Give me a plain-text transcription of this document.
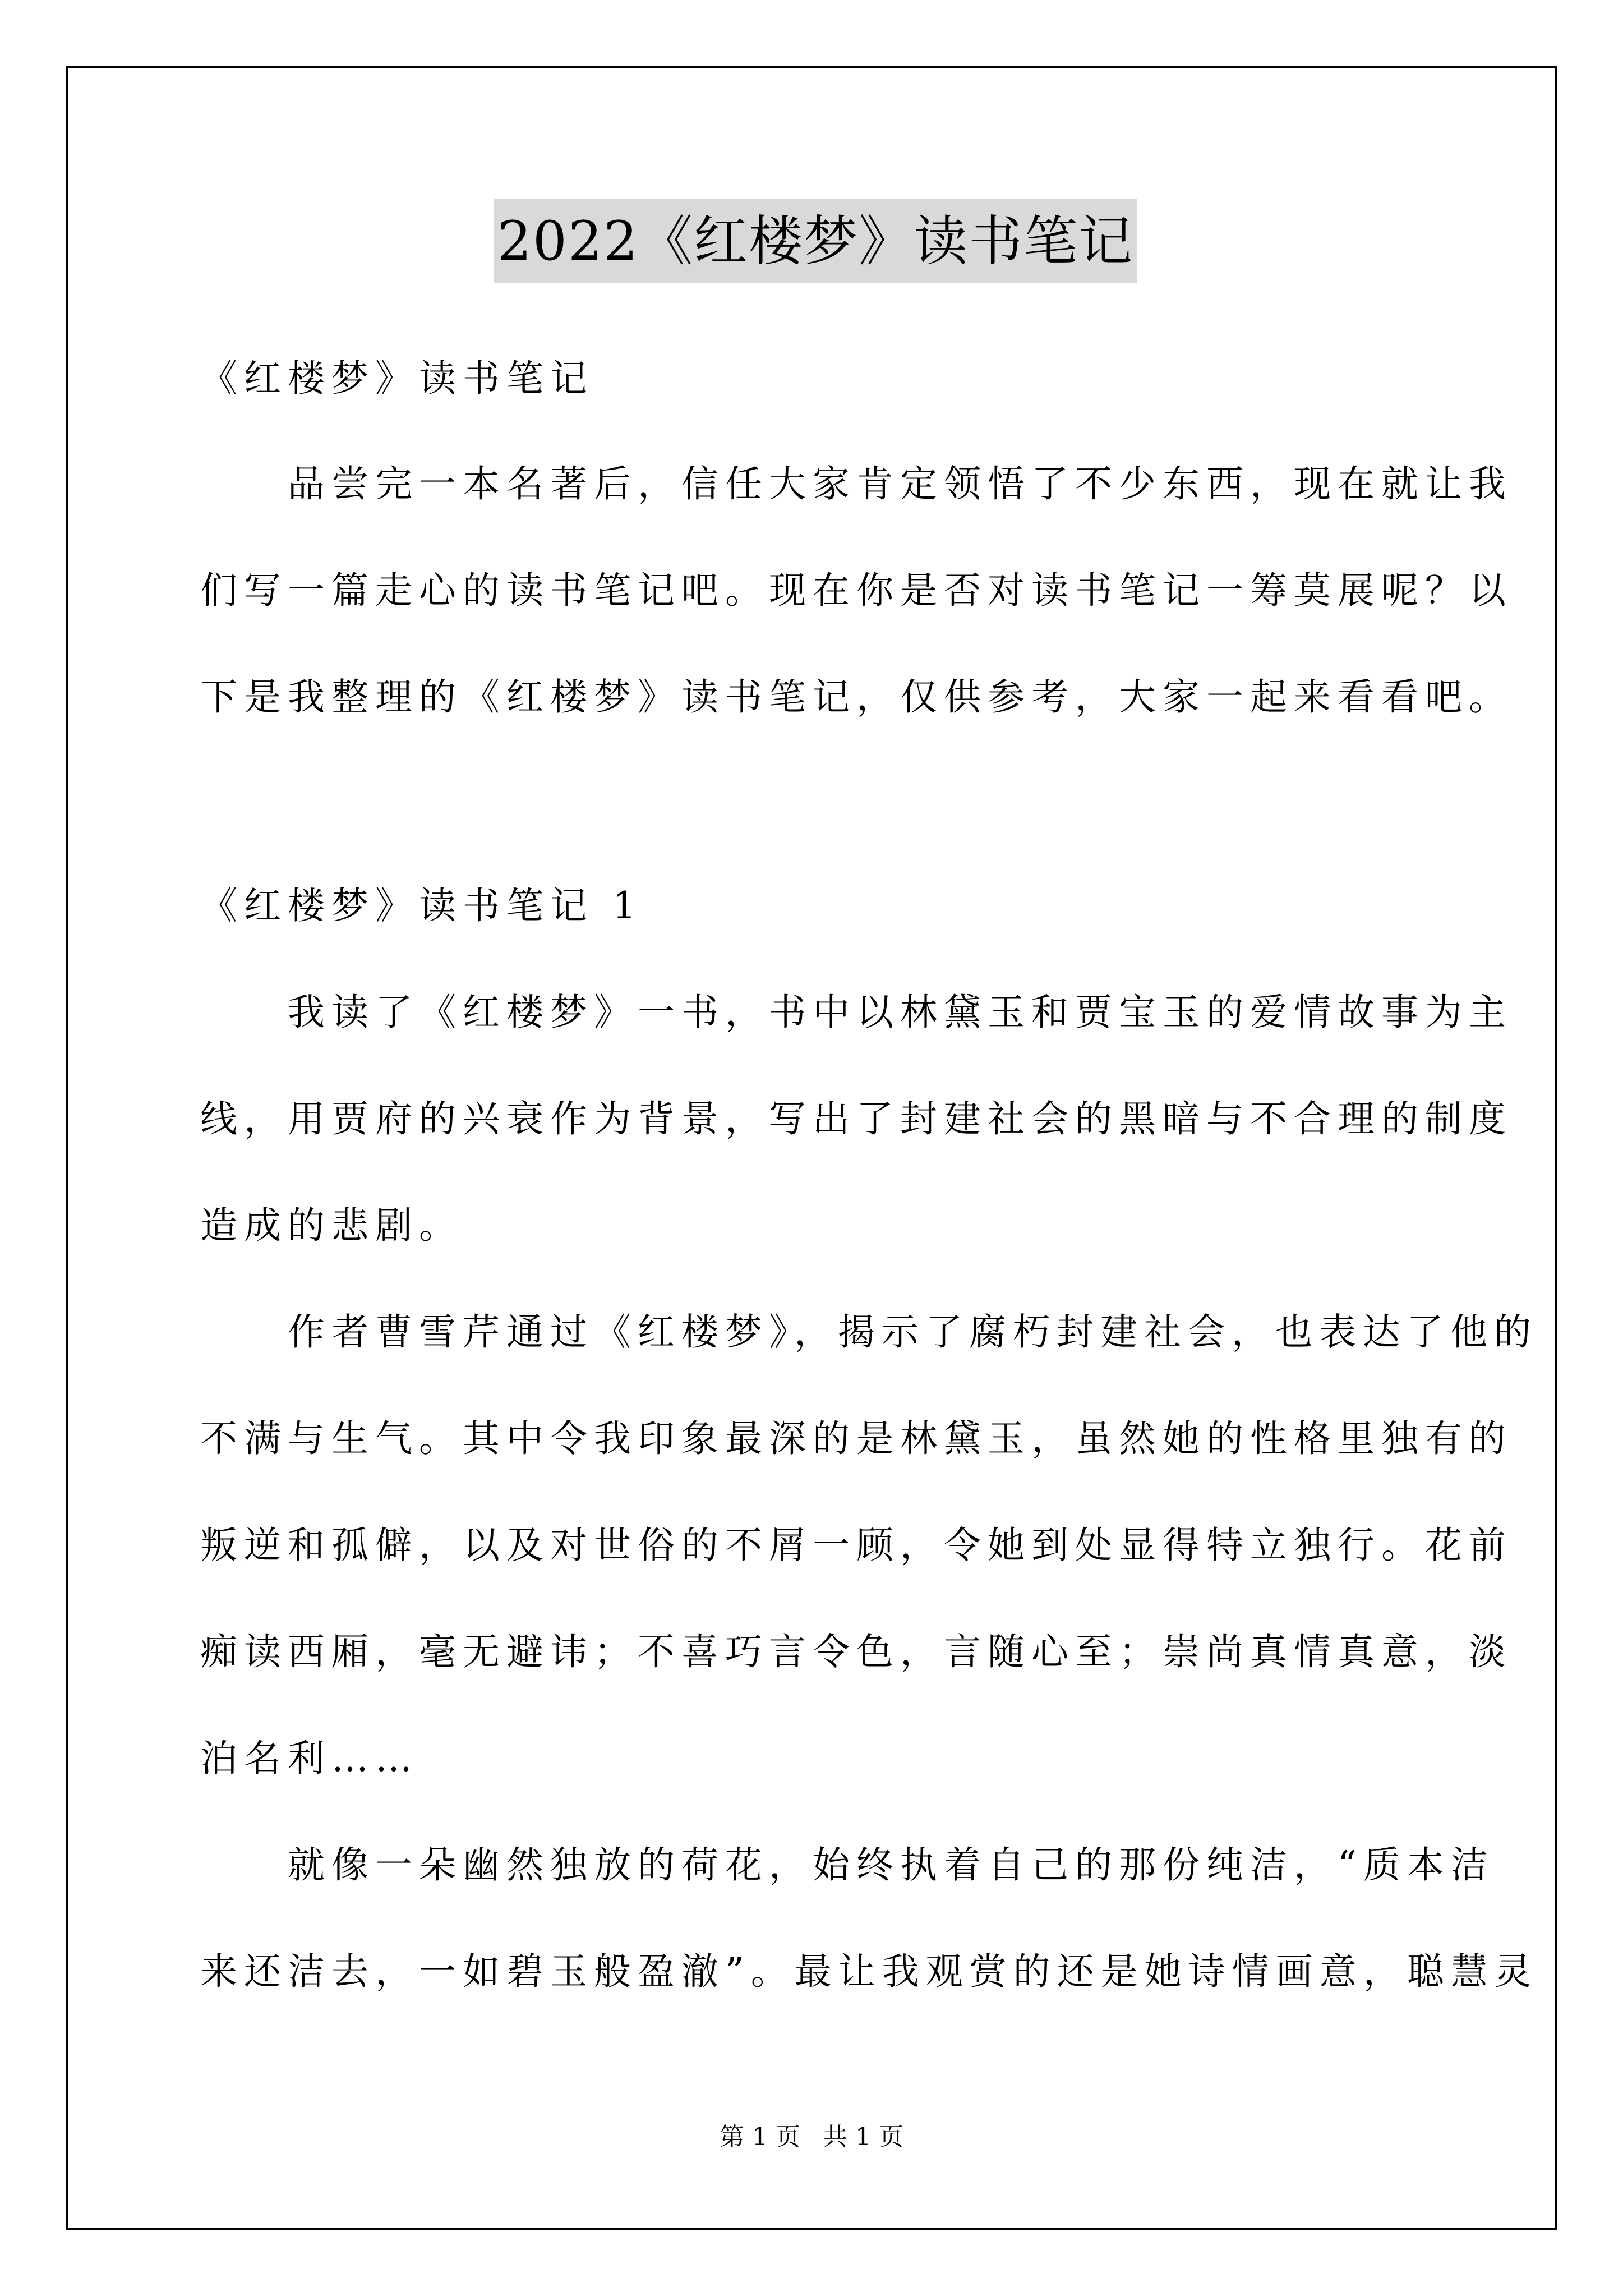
2022《红楼梦》读书笔记
《红楼梦》读书笔记
　　品尝完一本名著后，信任大家肯定领悟了不少东西，现在就让我
们写一篇走心的读书笔记吧。现在你是否对读书笔记一筹莫展呢？以
下是我整理的《红楼梦》读书笔记，仅供参考，大家一起来看看吧。
《红楼梦》读书笔记 1
　　我读了《红楼梦》一书，书中以林黛玉和贾宝玉的爱情故事为主
线，用贾府的兴衰作为背景，写出了封建社会的黑暗与不合理的制度
造成的悲剧。
　　作者曹雪芹通过《红楼梦》，揭示了腐朽封建社会，也表达了他的
不满与生气。其中令我印象最深的是林黛玉，虽然她的性格里独有的
叛逆和孤僻，以及对世俗的不屑一顾，令她到处显得特立独行。花前
痴读西厢，毫无避讳；不喜巧言令色，言随心至；崇尚真情真意，淡
泊名利……
　　就像一朵幽然独放的荷花，始终执着自己的那份纯洁，“质本洁
来还洁去，一如碧玉般盈澈”。最让我观赏的还是她诗情画意，聪慧灵
第 1 页 共 1 页
